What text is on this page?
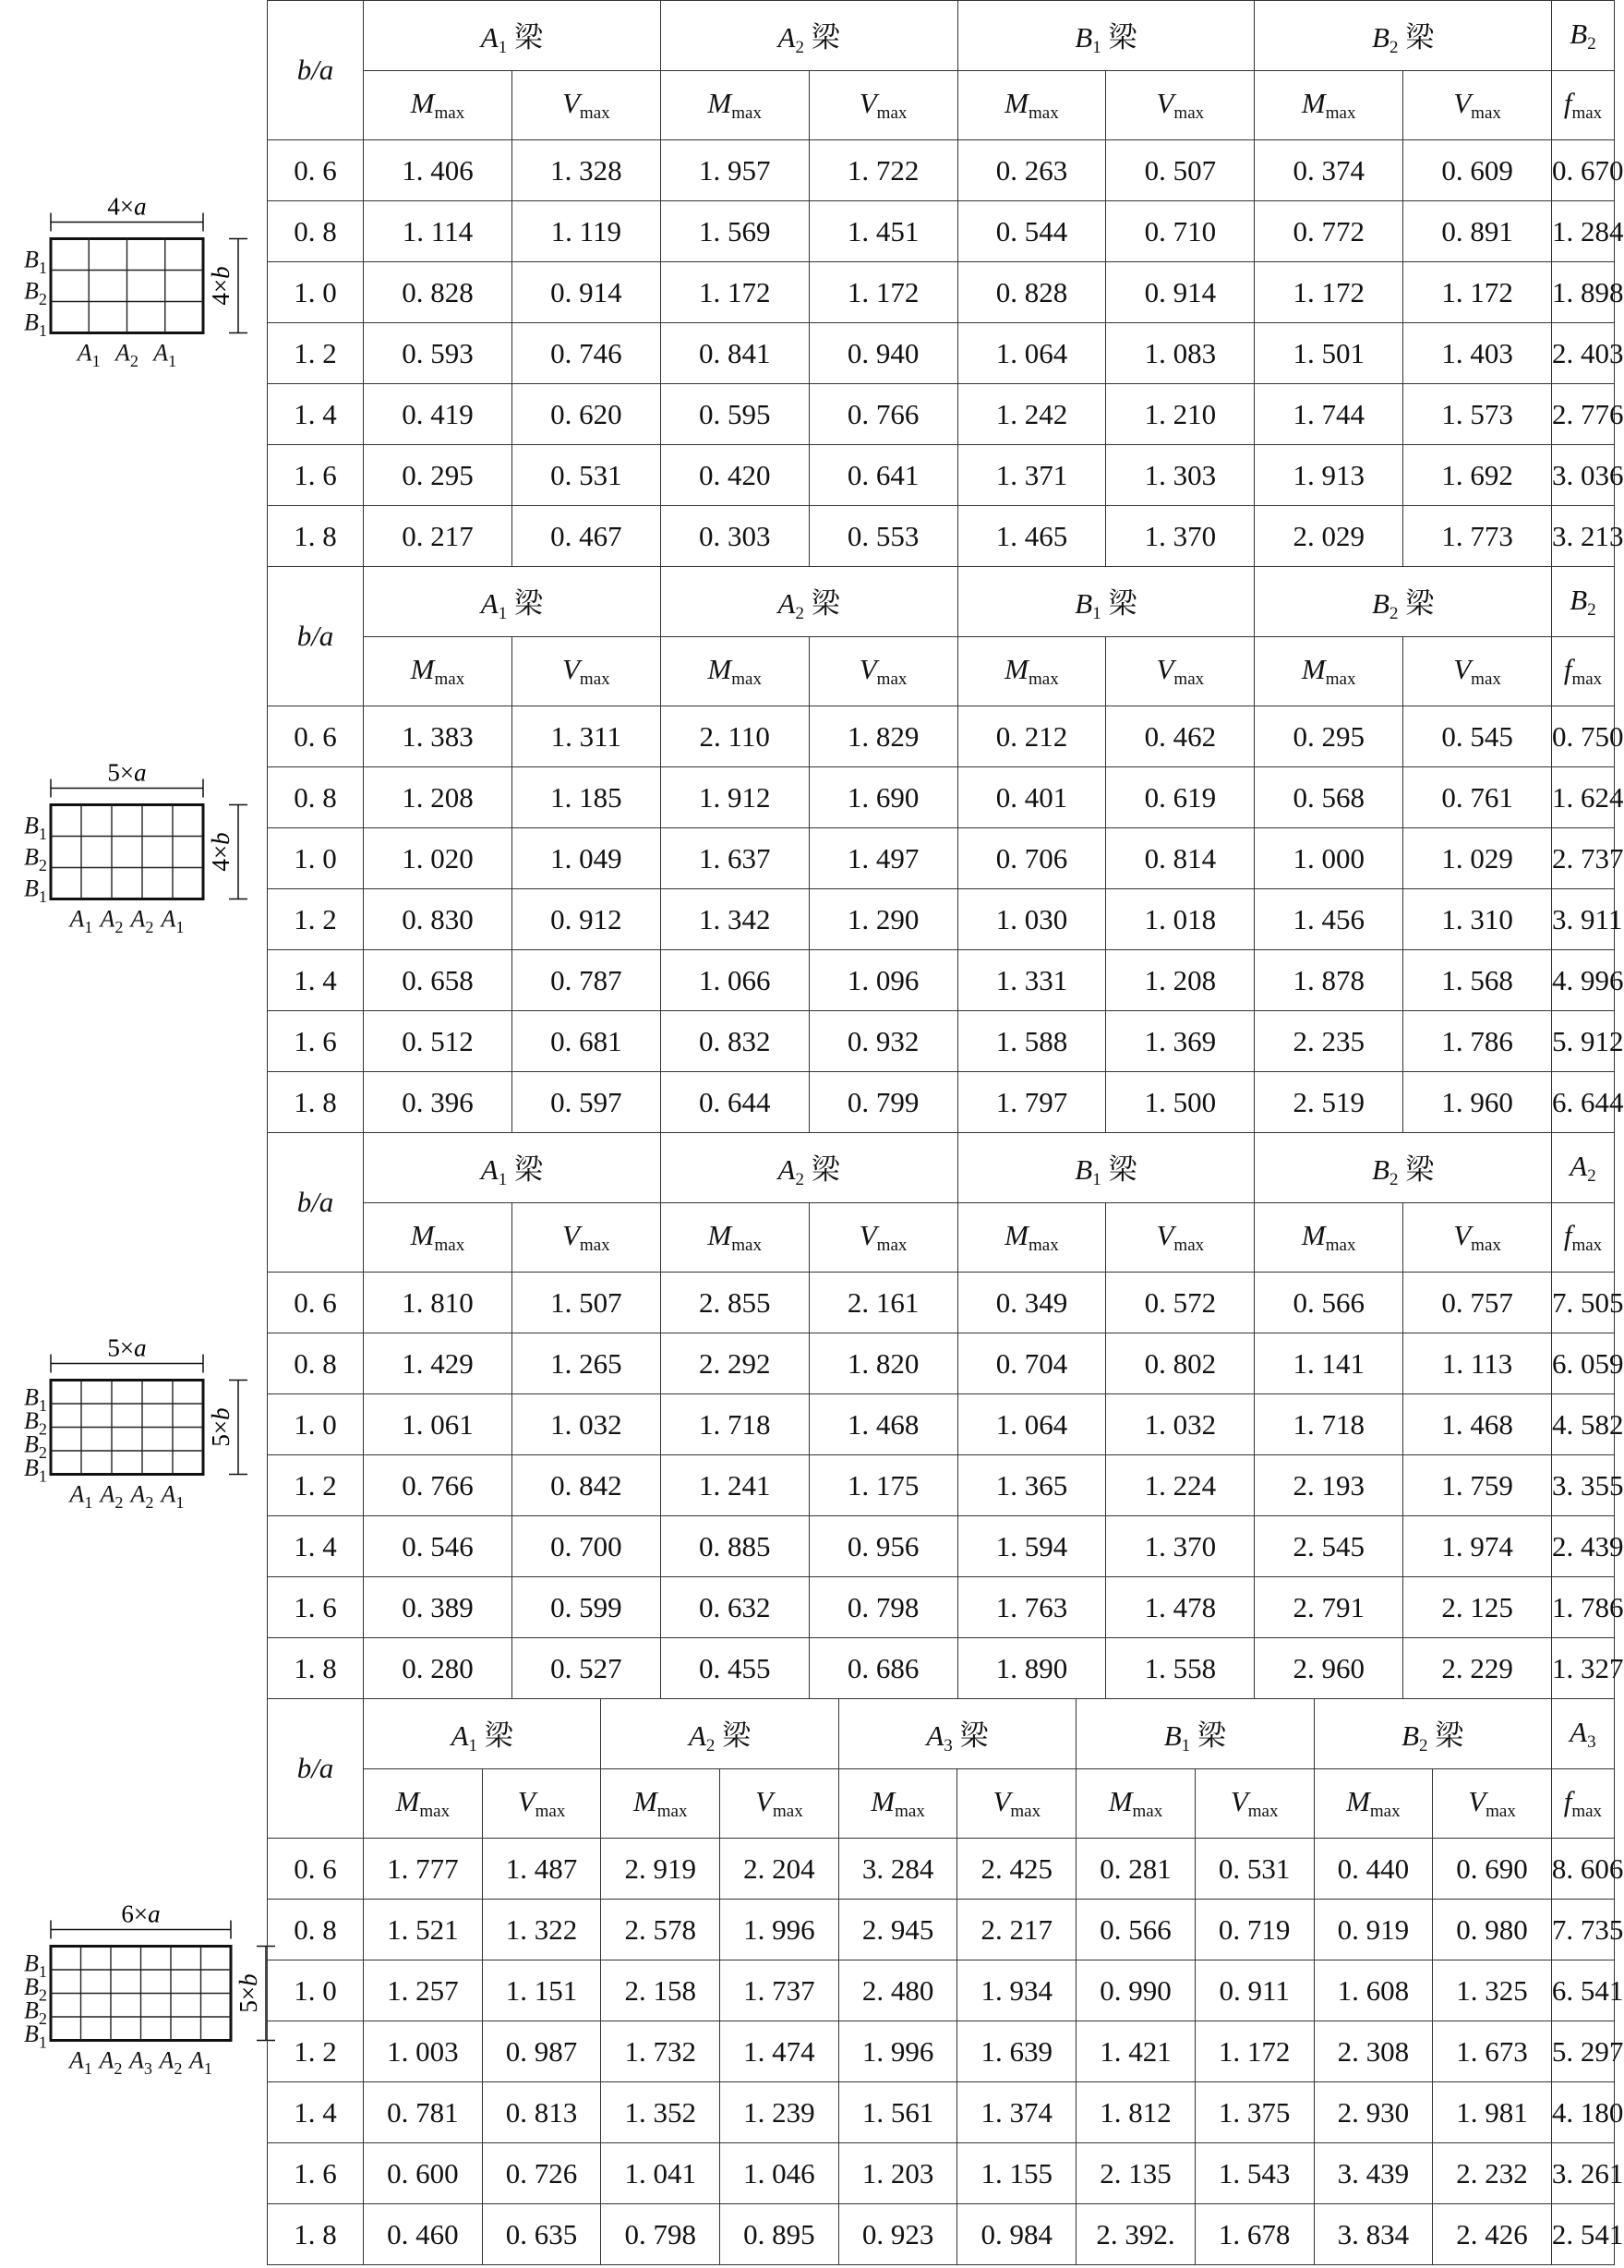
4×a
4×b
$B_1$
$B_2$
$B_1$
$A_1$ $A_2$ $A_1$
b/a	$A_1$ 梁		$A_2$ 梁		$B_1$ 梁		$B_2$ 梁		$B_2$
	$M_{max}$	$V_{max}$	$M_{max}$	$V_{max}$	$M_{max}$	$V_{max}$	$M_{max}$	$V_{max}$	$f_{max}$
0. 6	1. 406	1. 328	1. 957	1. 722	0. 263	0. 507	0. 374	0. 609	0. 670
0. 8	1. 114	1. 119	1. 569	1. 451	0. 544	0. 710	0. 772	0. 891	1. 284
1. 0	0. 828	0. 914	1. 172	1. 172	0. 828	0. 914	1. 172	1. 172	1. 898
1. 2	0. 593	0. 746	0. 841	0. 940	1. 064	1. 083	1. 501	1. 403	2. 403
1. 4	0. 419	0. 620	0. 595	0. 766	1. 242	1. 210	1. 744	1. 573	2. 776
1. 6	0. 295	0. 531	0. 420	0. 641	1. 371	1. 303	1. 913	1. 692	3. 036
1. 8	0. 217	0. 467	0. 303	0. 553	1. 465	1. 370	2. 029	1. 773	3. 213
5×a
4×b
$B_1$
$B_2$
$B_1$
$A_1$ $A_2$ $A_2$ $A_1$
b/a	$A_1$ 梁		$A_2$ 梁		$B_1$ 梁		$B_2$ 梁		$B_2$
	$M_{max}$	$V_{max}$	$M_{max}$	$V_{max}$	$M_{max}$	$V_{max}$	$M_{max}$	$V_{max}$	$f_{max}$
0. 6	1. 383	1. 311	2. 110	1. 829	0. 212	0. 462	0. 295	0. 545	0. 750
0. 8	1. 208	1. 185	1. 912	1. 690	0. 401	0. 619	0. 568	0. 761	1. 624
1. 0	1. 020	1. 049	1. 637	1. 497	0. 706	0. 814	1. 000	1. 029	2. 737
1. 2	0. 830	0. 912	1. 342	1. 290	1. 030	1. 018	1. 456	1. 310	3. 911
1. 4	0. 658	0. 787	1. 066	1. 096	1. 331	1. 208	1. 878	1. 568	4. 996
1. 6	0. 512	0. 681	0. 832	0. 932	1. 588	1. 369	2. 235	1. 786	5. 912
1. 8	0. 396	0. 597	0. 644	0. 799	1. 797	1. 500	2. 519	1. 960	6. 644
5×a
5×b
$B_1$
$B_2$
$B_2$
$B_1$
$A_1$ $A_2$ $A_2$ $A_1$
b/a	$A_1$ 梁		$A_2$ 梁		$B_1$ 梁		$B_2$ 梁		$A_2$
	$M_{max}$	$V_{max}$	$M_{max}$	$V_{max}$	$M_{max}$	$V_{max}$	$M_{max}$	$V_{max}$	$f_{max}$
0. 6	1. 810	1. 507	2. 855	2. 161	0. 349	0. 572	0. 566	0. 757	7. 505
0. 8	1. 429	1. 265	2. 292	1. 820	0. 704	0. 802	1. 141	1. 113	6. 059
1. 0	1. 061	1. 032	1. 718	1. 468	1. 064	1. 032	1. 718	1. 468	4. 582
1. 2	0. 766	0. 842	1. 241	1. 175	1. 365	1. 224	2. 193	1. 759	3. 355
1. 4	0. 546	0. 700	0. 885	0. 956	1. 594	1. 370	2. 545	1. 974	2. 439
1. 6	0. 389	0. 599	0. 632	0. 798	1. 763	1. 478	2. 791	2. 125	1. 786
1. 8	0. 280	0. 527	0. 455	0. 686	1. 890	1. 558	2. 960	2. 229	1. 327
6×a
5×b
$B_1$
$B_2$
$B_2$
$B_1$
$A_1$ $A_2$ $A_3$ $A_2$ $A_1$
b/a	$A_1$ 梁		$A_2$ 梁		$A_3$ 梁		$B_1$ 梁		$B_2$ 梁		$A_3$
	$M_{max}$	$V_{max}$	$M_{max}$	$V_{max}$	$M_{max}$	$V_{max}$	$M_{max}$	$V_{max}$	$M_{max}$	$V_{max}$	$f_{max}$
0. 6	1. 777	1. 487	2. 919	2. 204	3. 284	2. 425	0. 281	0. 531	0. 440	0. 690	8. 606
0. 8	1. 521	1. 322	2. 578	1. 996	2. 945	2. 217	0. 566	0. 719	0. 919	0. 980	7. 735
1. 0	1. 257	1. 151	2. 158	1. 737	2. 480	1. 934	0. 990	0. 911	1. 608	1. 325	6. 541
1. 2	1. 003	0. 987	1. 732	1. 474	1. 996	1. 639	1. 421	1. 172	2. 308	1. 673	5. 297
1. 4	0. 781	0. 813	1. 352	1. 239	1. 561	1. 374	1. 812	1. 375	2. 930	1. 981	4. 180
1. 6	0. 600	0. 726	1. 041	1. 046	1. 203	1. 155	2. 135	1. 543	3. 439	2. 232	3. 261
1. 8	0. 460	0. 635	0. 798	0. 895	0. 923	0. 984	2. 392.	1. 678	3. 834	2. 426	2. 541
